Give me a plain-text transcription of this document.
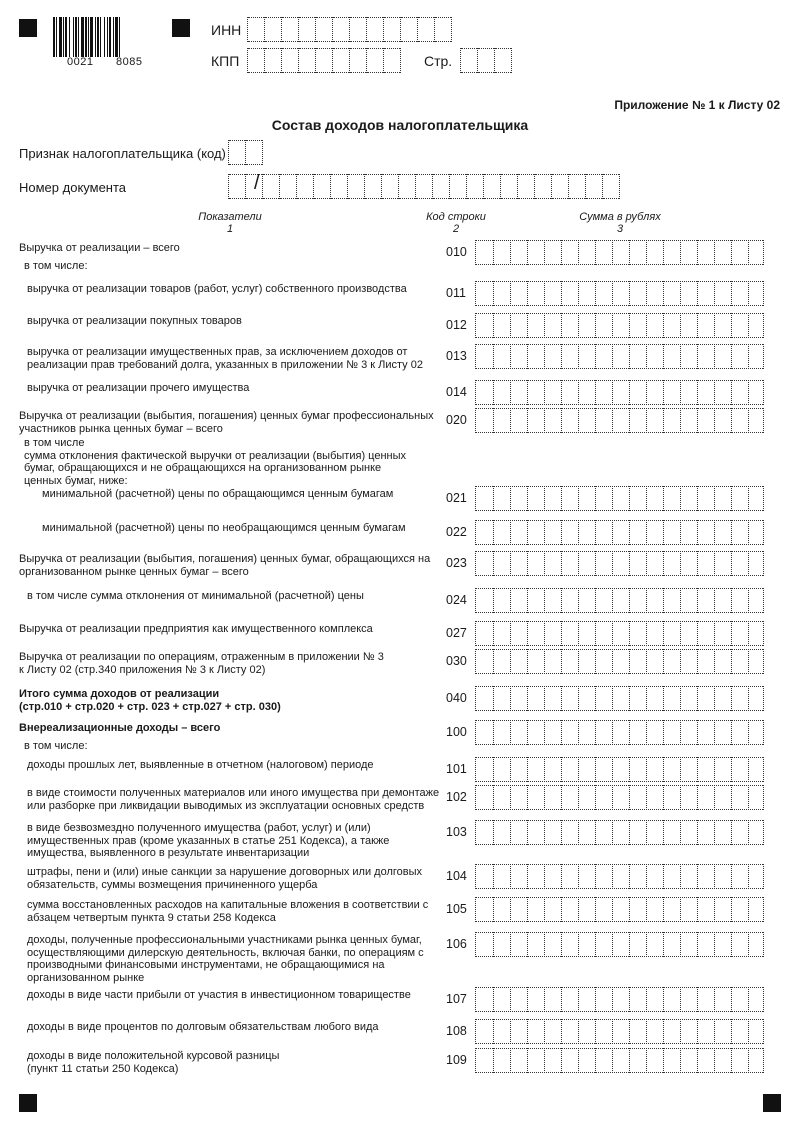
0021 8085
ИНН
КПП	Стр.
Приложение № 1 к Листу 02
Состав доходов налогоплательщика
Признак налогоплательщика (код)
Номер документа	/
Показатели
1
Код строки
2
Сумма в рублях
3
Выручка от реализации – всего	010
в том числе:
выручка от реализации товаров (работ, услуг) собственного производства	011
выручка от реализации покупных товаров	012
выручка от реализации имущественных прав, за исключением доходов от
реализации прав требований долга, указанных в приложении № 3 к Листу 02
013
выручка от реализации прочего имущества	014
Выручка от реализации (выбытия, погашения) ценных бумаг профессиональных
участников рынка ценных бумаг – всего
020
в том числе
сумма отклонения фактической выручки от реализации (выбытия) ценных
бумаг, обращающихся и не обращающихся на организованном рынке
ценных бумаг, ниже:
минимальной (расчетной) цены по обращающимся ценным бумагам	021
минимальной (расчетной) цены по необращающимся ценным бумагам	022
Выручка от реализации (выбытия, погашения) ценных бумаг, обращающихся на
организованном рынке ценных бумаг – всего
023
в том числе сумма отклонения от минимальной (расчетной) цены	024
Выручка от реализации предприятия как имущественного комплекса	027
Выручка от реализации по операциям, отраженным в приложении № 3
к Листу 02 (стр.340 приложения № 3 к Листу 02)
030
Итого сумма доходов от реализации
(стр.010 + стр.020 + стр. 023 + стр.027 + стр. 030)
040
Внереализационные доходы – всего	100
в том числе:
доходы прошлых лет, выявленные в отчетном (налоговом) периоде	101
в виде стоимости полученных материалов или иного имущества при демонтаже
или разборке при ликвидации выводимых из эксплуатации основных средств
102
в виде безвозмездно полученного имущества (работ, услуг) и (или)
имущественных прав (кроме указанных в статье 251 Кодекса), а также
имущества, выявленного в результате инвентаризации
103
штрафы, пени и (или) иные санкции за нарушение договорных или долговых
обязательств, суммы возмещения причиненного ущерба
104
сумма восстановленных расходов на капитальные вложения в соответствии с
абзацем четвертым пункта 9 статьи 258 Кодекса
105
доходы, полученные профессиональными участниками рынка ценных бумаг,
осуществляющими дилерскую деятельность, включая банки, по операциям с
производными финансовыми инструментами, не обращающимися на
организованном рынке
106
доходы в виде части прибыли от участия в инвестиционном товариществе	107
доходы в виде процентов по долговым обязательствам любого вида	108
доходы в виде положительной курсовой разницы
(пункт 11 статьи 250 Кодекса)
109
